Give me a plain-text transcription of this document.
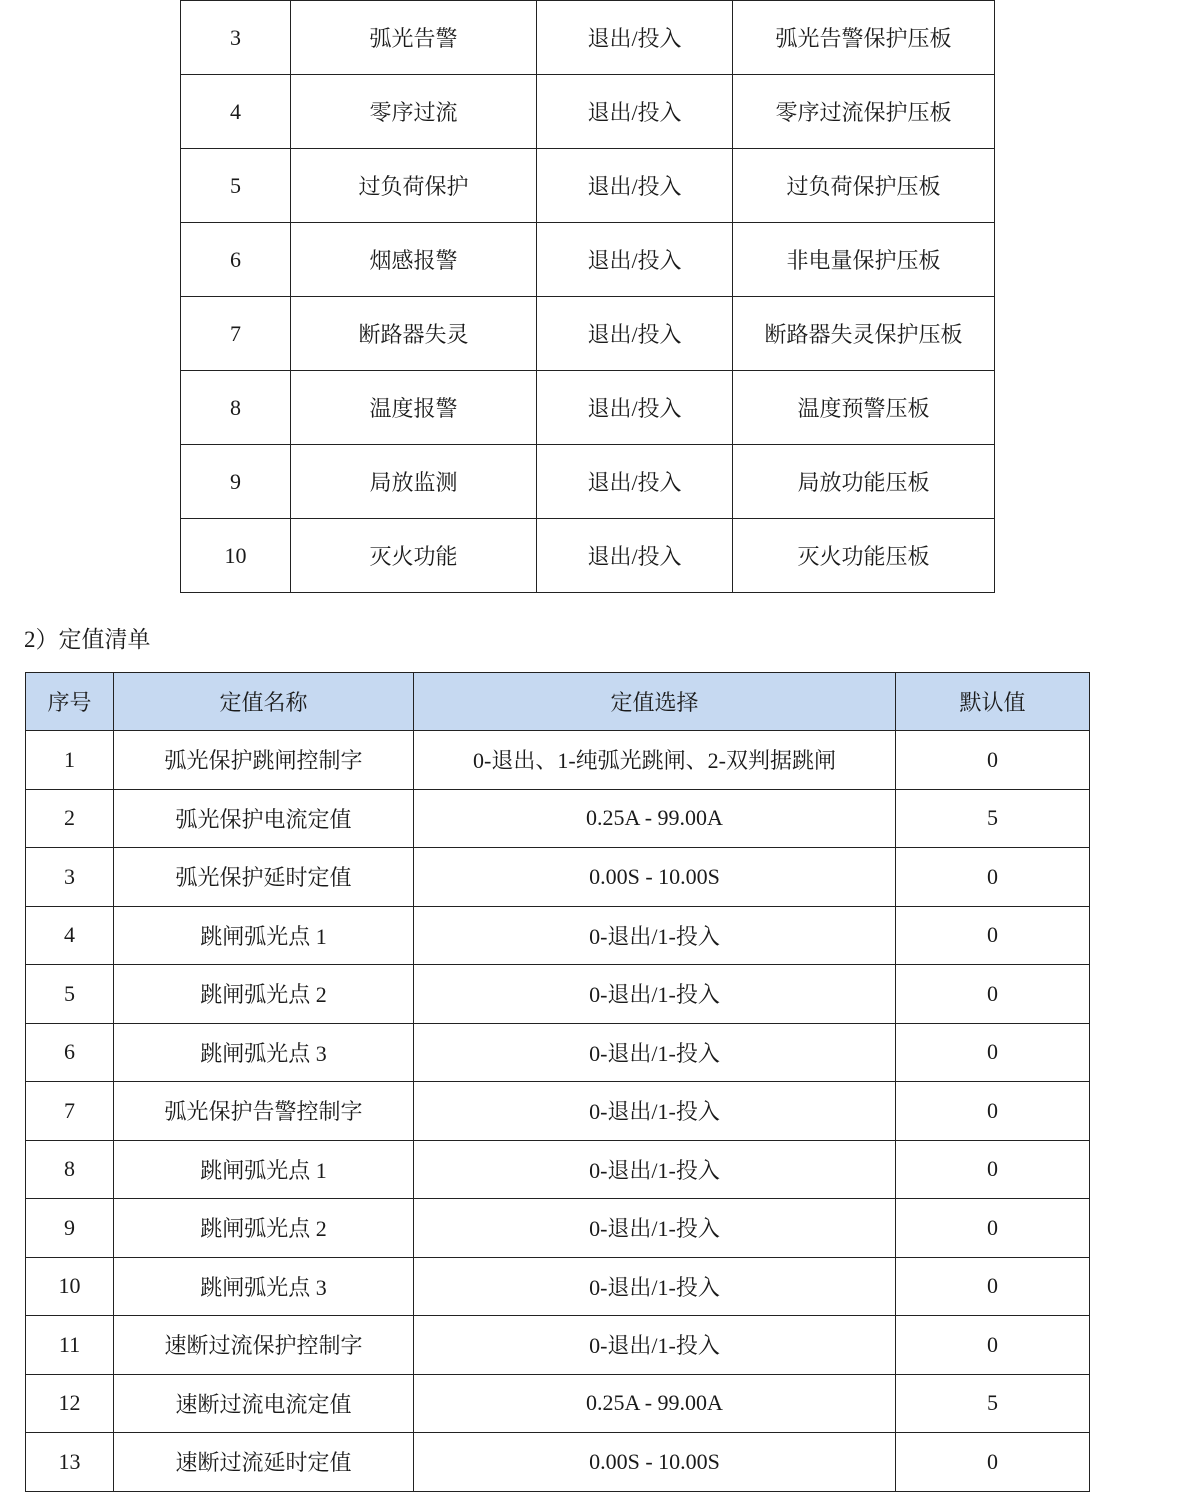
3	弧光告警	退出/投入	弧光告警保护压板
4	零序过流	退出/投入	零序过流保护压板
5	过负荷保护	退出/投入	过负荷保护压板
6	烟感报警	退出/投入	非电量保护压板
7	断路器失灵	退出/投入	断路器失灵保护压板
8	温度报警	退出/投入	温度预警压板
9	局放监测	退出/投入	局放功能压板
10	灭火功能	退出/投入	灭火功能压板

2）定值清单

序号	定值名称	定值选择	默认值
1	弧光保护跳闸控制字	0-退出、1-纯弧光跳闸、2-双判据跳闸	0
2	弧光保护电流定值	0.25A - 99.00A	5
3	弧光保护延时定值	0.00S - 10.00S	0
4	跳闸弧光点 1	0-退出/1-投入	0
5	跳闸弧光点 2	0-退出/1-投入	0
6	跳闸弧光点 3	0-退出/1-投入	0
7	弧光保护告警控制字	0-退出/1-投入	0
8	跳闸弧光点 1	0-退出/1-投入	0
9	跳闸弧光点 2	0-退出/1-投入	0
10	跳闸弧光点 3	0-退出/1-投入	0
11	速断过流保护控制字	0-退出/1-投入	0
12	速断过流电流定值	0.25A - 99.00A	5
13	速断过流延时定值	0.00S - 10.00S	0
